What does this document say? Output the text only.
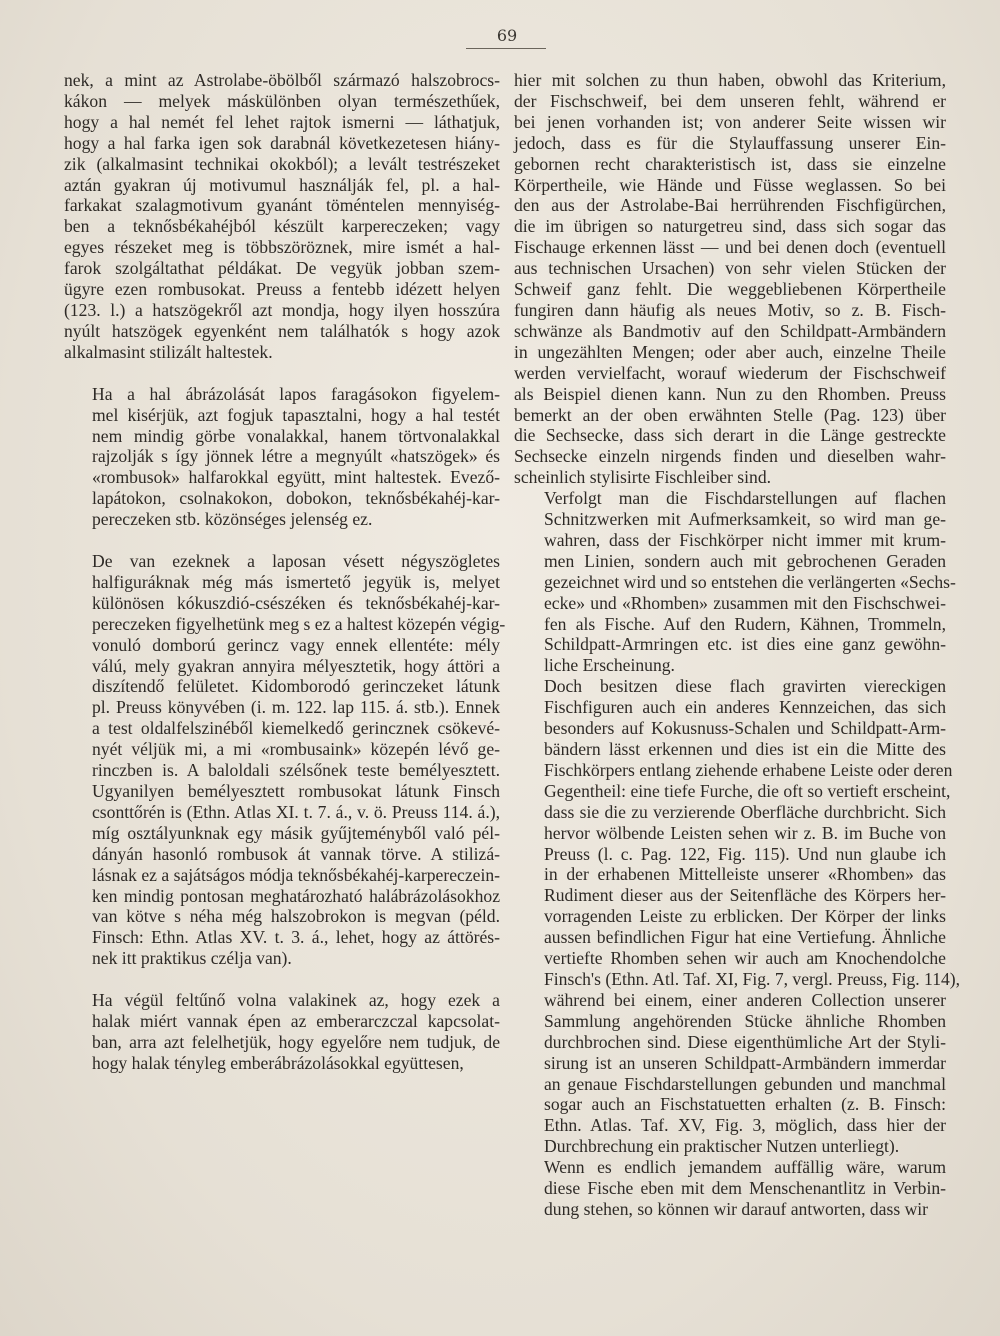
69

nek, a mint az Astrolabe-öbölből származó halszobrocs-
kákon — melyek máskülönben olyan természethűek,
hogy a hal nemét fel lehet rajtok ismerni — láthatjuk,
hogy a hal farka igen sok darabnál következetesen hiány-
zik (alkalmasint technikai okokból); a levált testrészeket
aztán gyakran új motivumul használják fel, pl. a hal-
farkakat szalagmotivum gyanánt töméntelen mennyiség-
ben a teknősbékahéjból készült karpereczeken; vagy
egyes részeket meg is többszöröznek, mire ismét a hal-
farok szolgáltathat példákat. De vegyük jobban szem-
ügyre ezen rombusokat. Preuss a fentebb idézett helyen
(123. l.) a hatszögekről azt mondja, hogy ilyen hosszúra
nyúlt hatszögek egyenként nem találhatók s hogy azok
alkalmasint stilizált haltestek.

Ha a hal ábrázolását lapos faragásokon figyelem-
mel kisérjük, azt fogjuk tapasztalni, hogy a hal testét
nem mindig görbe vonalakkal, hanem törtvonalakkal
rajzolják s így jönnek létre a megnyúlt «hatszögek» és
«rombusok» halfarokkal együtt, mint haltestek. Evező-
lapátokon, csolnakokon, dobokon, teknősbékahéj-kar-
pereczeken stb. közönséges jelenség ez.

De van ezeknek a laposan vésett négyszögletes
halfiguráknak még más ismertető jegyük is, melyet
különösen kókuszdió-csészéken és teknősbékahéj-kar-
pereczeken figyelhetünk meg s ez a haltest közepén végig-
vonuló domború gerincz vagy ennek ellentéte: mély
válú, mely gyakran annyira mélyesztetik, hogy áttöri a
diszítendő felületet. Kidomborodó gerinczeket látunk
pl. Preuss könyvében (i. m. 122. lap 115. á. stb.). Ennek
a test oldalfelszinéből kiemelkedő gerincznek csökevé-
nyét véljük mi, a mi «rombusaink» közepén lévő ge-
rinczben is. A baloldali szélsőnek teste bemélyesztett.
Ugyanilyen bemélyesztett rombusokat látunk Finsch
csonttőrén is (Ethn. Atlas XI. t. 7. á., v. ö. Preuss 114. á.),
míg osztályunknak egy másik gyűjteményből való pél-
dányán hasonló rombusok át vannak törve. A stilizá-
lásnak ez a sajátságos módja teknősbékahéj-karpereczein-
ken mindig pontosan meghatározható halábrázolásokhoz
van kötve s néha még halszobrokon is megvan (péld.
Finsch: Ethn. Atlas XV. t. 3. á., lehet, hogy az áttörés-
nek itt praktikus czélja van).

Ha végül feltűnő volna valakinek az, hogy ezek a
halak miért vannak épen az emberarczczal kapcsolat-
ban, arra azt felelhetjük, hogy egyelőre nem tudjuk, de
hogy halak tényleg emberábrázolásokkal együttesen,

hier mit solchen zu thun haben, obwohl das Kriterium,
der Fischschweif, bei dem unseren fehlt, während er
bei jenen vorhanden ist; von anderer Seite wissen wir
jedoch, dass es für die Stylauffassung unserer Ein-
gebornen recht charakteristisch ist, dass sie einzelne
Körpertheile, wie Hände und Füsse weglassen. So bei
den aus der Astrolabe-Bai herrührenden Fischfigürchen,
die im übrigen so naturgetreu sind, dass sich sogar das
Fischauge erkennen lässt — und bei denen doch (eventuell
aus technischen Ursachen) von sehr vielen Stücken der
Schweif ganz fehlt. Die weggebliebenen Körpertheile
fungiren dann häufig als neues Motiv, so z. B. Fisch-
schwänze als Bandmotiv auf den Schildpatt-Armbändern
in ungezählten Mengen; oder aber auch, einzelne Theile
werden vervielfacht, worauf wiederum der Fischschweif
als Beispiel dienen kann. Nun zu den Rhomben. Preuss
bemerkt an der oben erwähnten Stelle (Pag. 123) über
die Sechsecke, dass sich derart in die Länge gestreckte
Sechsecke einzeln nirgends finden und dieselben wahr-
scheinlich stylisirte Fischleiber sind.

Verfolgt man die Fischdarstellungen auf flachen
Schnitzwerken mit Aufmerksamkeit, so wird man ge-
wahren, dass der Fischkörper nicht immer mit krum-
men Linien, sondern auch mit gebrochenen Geraden
gezeichnet wird und so entstehen die verlängerten «Sechs-
ecke» und «Rhomben» zusammen mit den Fischschwei-
fen als Fische. Auf den Rudern, Kähnen, Trommeln,
Schildpatt-Armringen etc. ist dies eine ganz gewöhn-
liche Erscheinung.

Doch besitzen diese flach gravirten viereckigen
Fischfiguren auch ein anderes Kennzeichen, das sich
besonders auf Kokusnuss-Schalen und Schildpatt-Arm-
bändern lässt erkennen und dies ist ein die Mitte des
Fischkörpers entlang ziehende erhabene Leiste oder deren
Gegentheil: eine tiefe Furche, die oft so vertieft erscheint,
dass sie die zu verzierende Oberfläche durchbricht. Sich
hervor wölbende Leisten sehen wir z. B. im Buche von
Preuss (l. c. Pag. 122, Fig. 115). Und nun glaube ich
in der erhabenen Mittelleiste unserer «Rhomben» das
Rudiment dieser aus der Seitenfläche des Körpers her-
vorragenden Leiste zu erblicken. Der Körper der links
aussen befindlichen Figur hat eine Vertiefung. Ähnliche
vertiefte Rhomben sehen wir auch am Knochendolche
Finsch's (Ethn. Atl. Taf. XI, Fig. 7, vergl. Preuss, Fig. 114),
während bei einem, einer anderen Collection unserer
Sammlung angehörenden Stücke ähnliche Rhomben
durchbrochen sind. Diese eigenthümliche Art der Styli-
sirung ist an unseren Schildpatt-Armbändern immerdar
an genaue Fischdarstellungen gebunden und manchmal
sogar auch an Fischstatuetten erhalten (z. B. Finsch:
Ethn. Atlas. Taf. XV, Fig. 3, möglich, dass hier der
Durchbrechung ein praktischer Nutzen unterliegt).

Wenn es endlich jemandem auffällig wäre, warum
diese Fische eben mit dem Menschenantlitz in Verbin-
dung stehen, so können wir darauf antworten, dass wir
